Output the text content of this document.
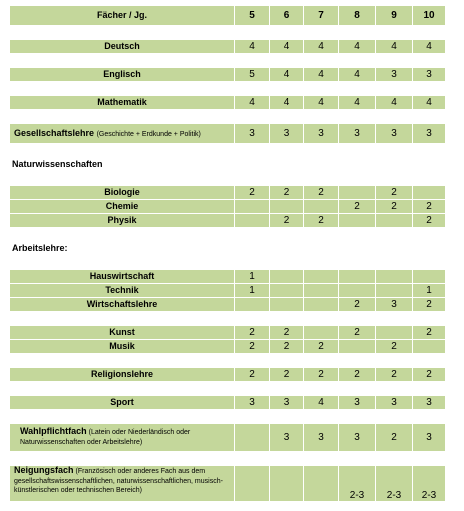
Fächer / Jg.	5	6	7	8	9	10

Deutsch	4	4	4	4	4	4

Englisch	5	4	4	4	3	3

Mathematik	4	4	4	4	4	4

Gesellschaftslehre (Geschichte + Erdkunde + Politik)	3	3	3	3	3	3

Naturwissenschaften						

Biologie	2	2	2		2	
Chemie				2	2	2
Physik		2	2			2

Arbeitslehre:						

Hauswirtschaft	1					
Technik	1					1
Wirtschaftslehre				2	3	2

Kunst	2	2		2		2
Musik	2	2	2		2	

Religionslehre	2	2	2	2	2	2

Sport	3	3	4	3	3	3

Wahlpflichtfach (Latein oder Niederländisch oder Naturwissenschaften oder Arbeitslehre)		3	3	3	2	3

Neigungsfach (Französisch oder anderes Fach aus dem gesellschaftswissenschaftlichen, naturwissenschaftlichen, musisch-künstlerischen oder technischen Bereich)				2-3	2-3	2-3
